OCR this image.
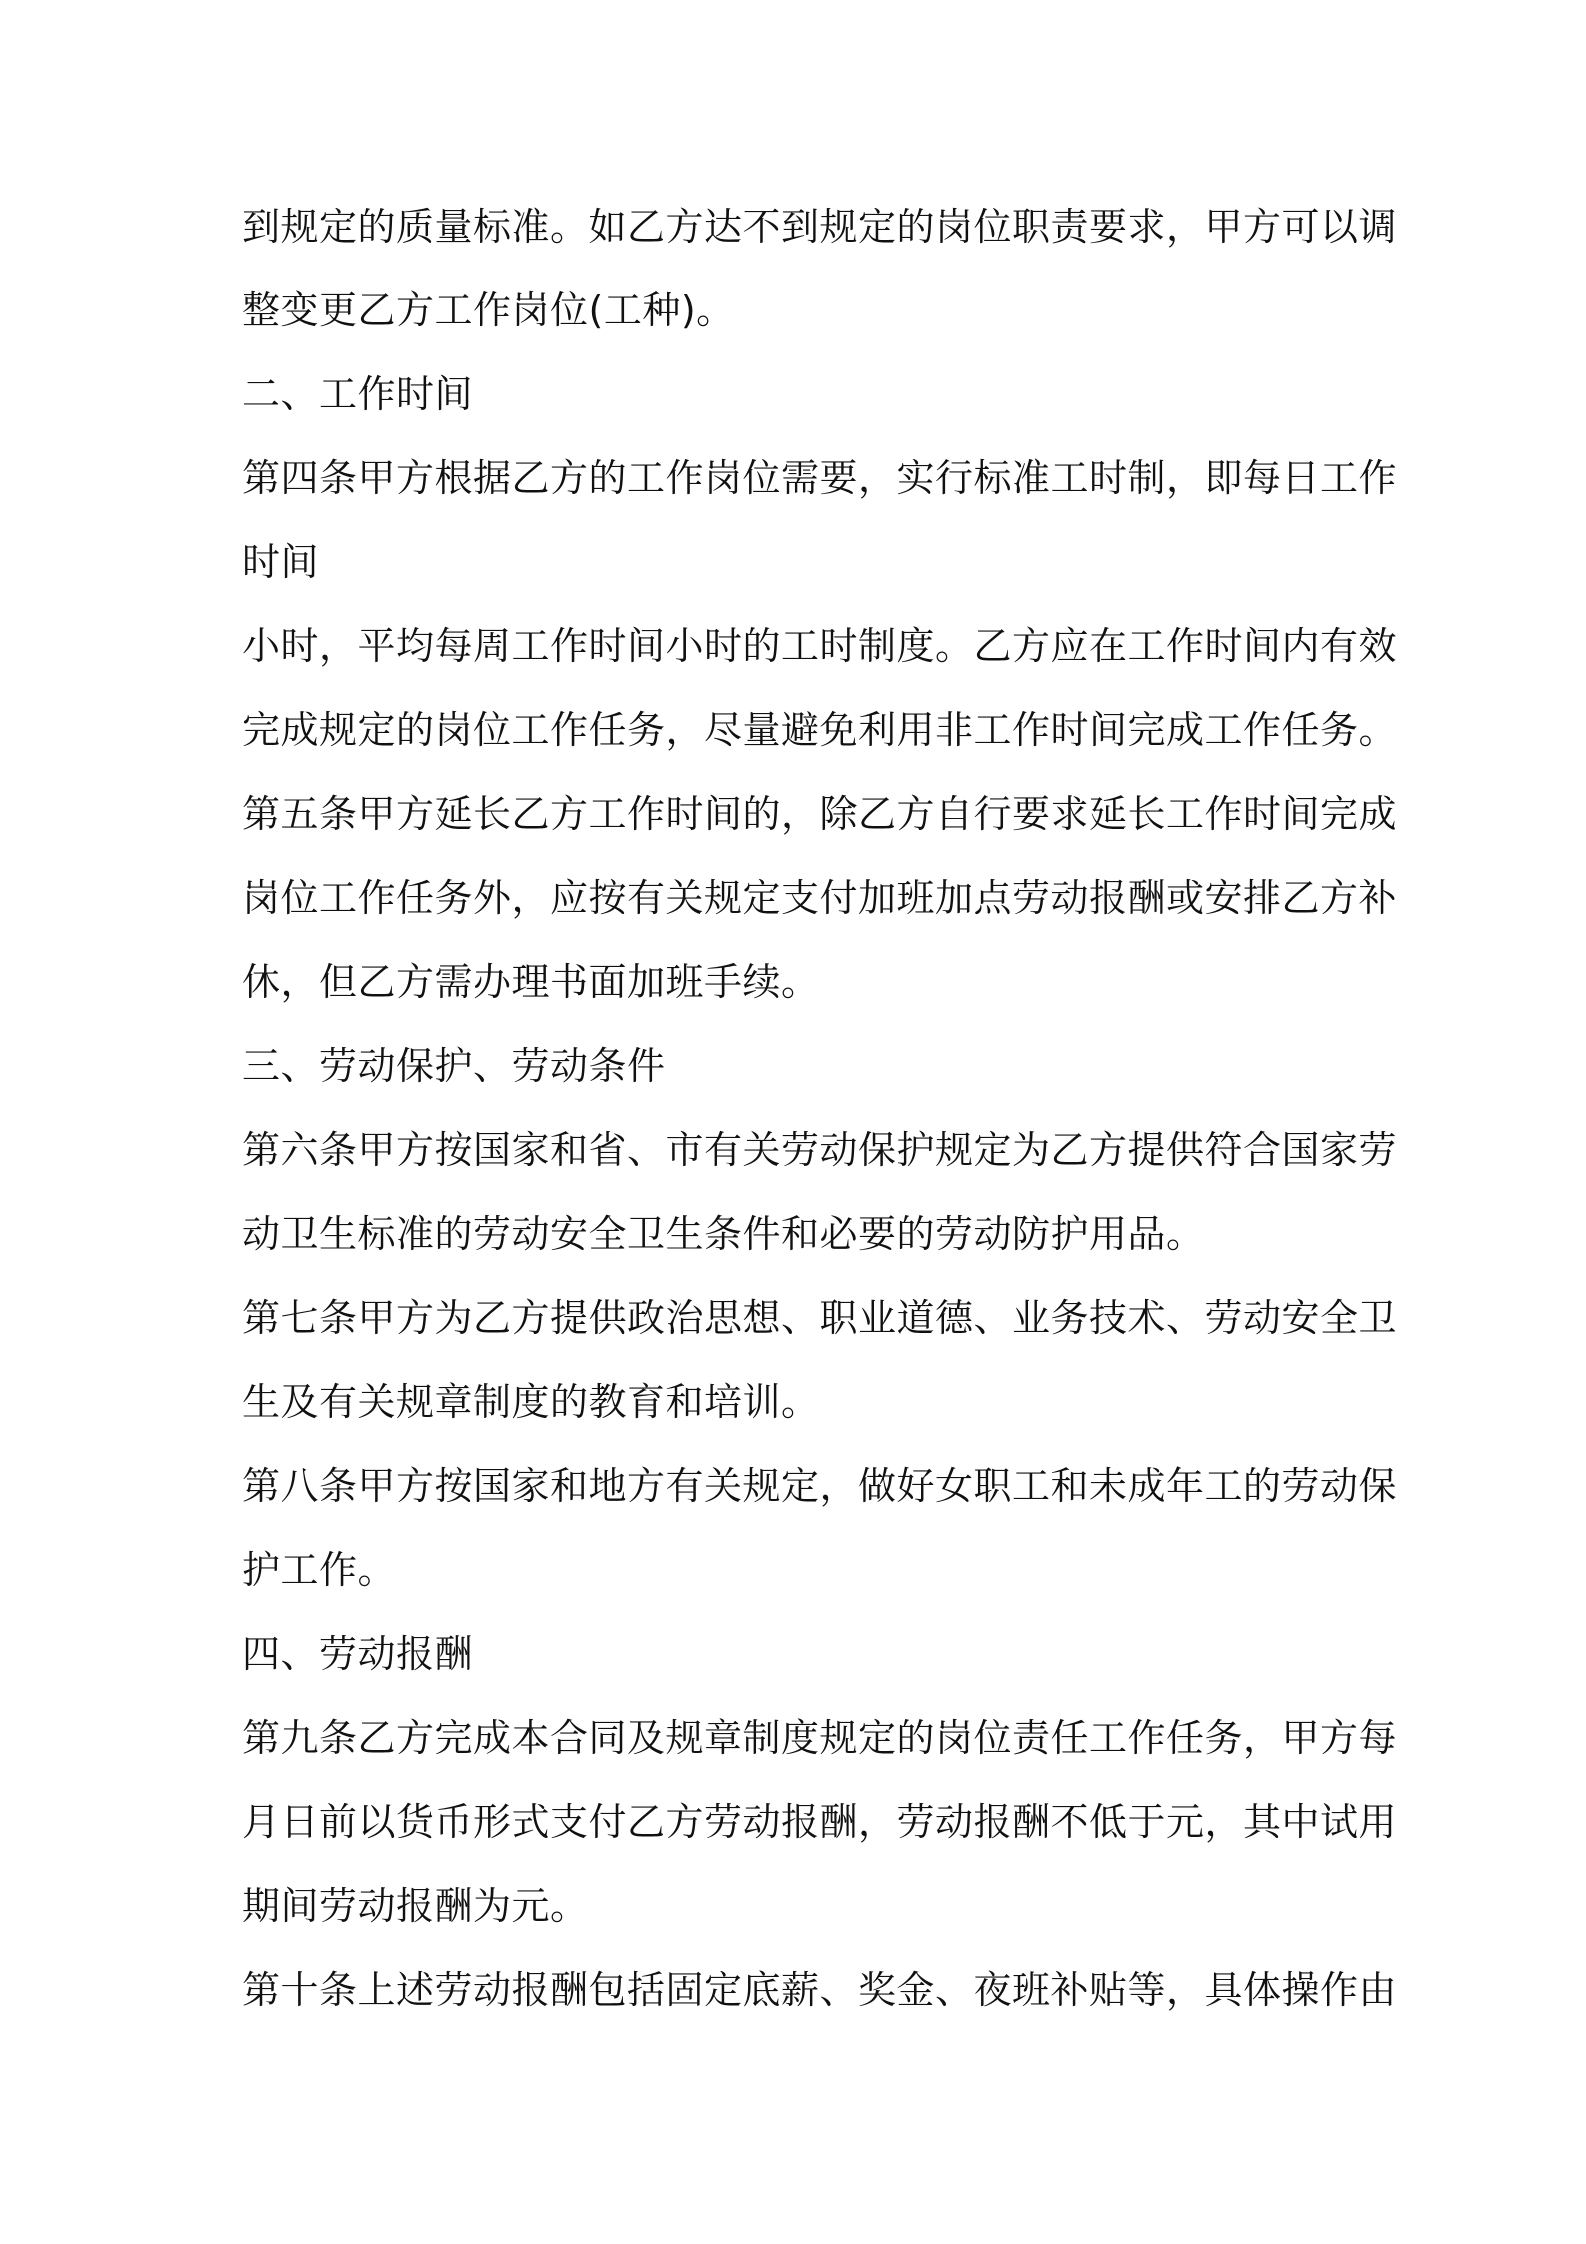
到规定的质量标准。如乙方达不到规定的岗位职责要求，甲方可以调
整变更乙方工作岗位(工种)。
二、工作时间
第四条甲方根据乙方的工作岗位需要，实行标准工时制，即每日工作
时间
小时，平均每周工作时间小时的工时制度。乙方应在工作时间内有效
完成规定的岗位工作任务，尽量避免利用非工作时间完成工作任务。
第五条甲方延长乙方工作时间的，除乙方自行要求延长工作时间完成
岗位工作任务外，应按有关规定支付加班加点劳动报酬或安排乙方补
休，但乙方需办理书面加班手续。
三、劳动保护、劳动条件
第六条甲方按国家和省、市有关劳动保护规定为乙方提供符合国家劳
动卫生标准的劳动安全卫生条件和必要的劳动防护用品。
第七条甲方为乙方提供政治思想、职业道德、业务技术、劳动安全卫
生及有关规章制度的教育和培训。
第八条甲方按国家和地方有关规定，做好女职工和未成年工的劳动保
护工作。
四、劳动报酬
第九条乙方完成本合同及规章制度规定的岗位责任工作任务，甲方每
月日前以货币形式支付乙方劳动报酬，劳动报酬不低于元，其中试用
期间劳动报酬为元。
第十条上述劳动报酬包括固定底薪、奖金、夜班补贴等，具体操作由
